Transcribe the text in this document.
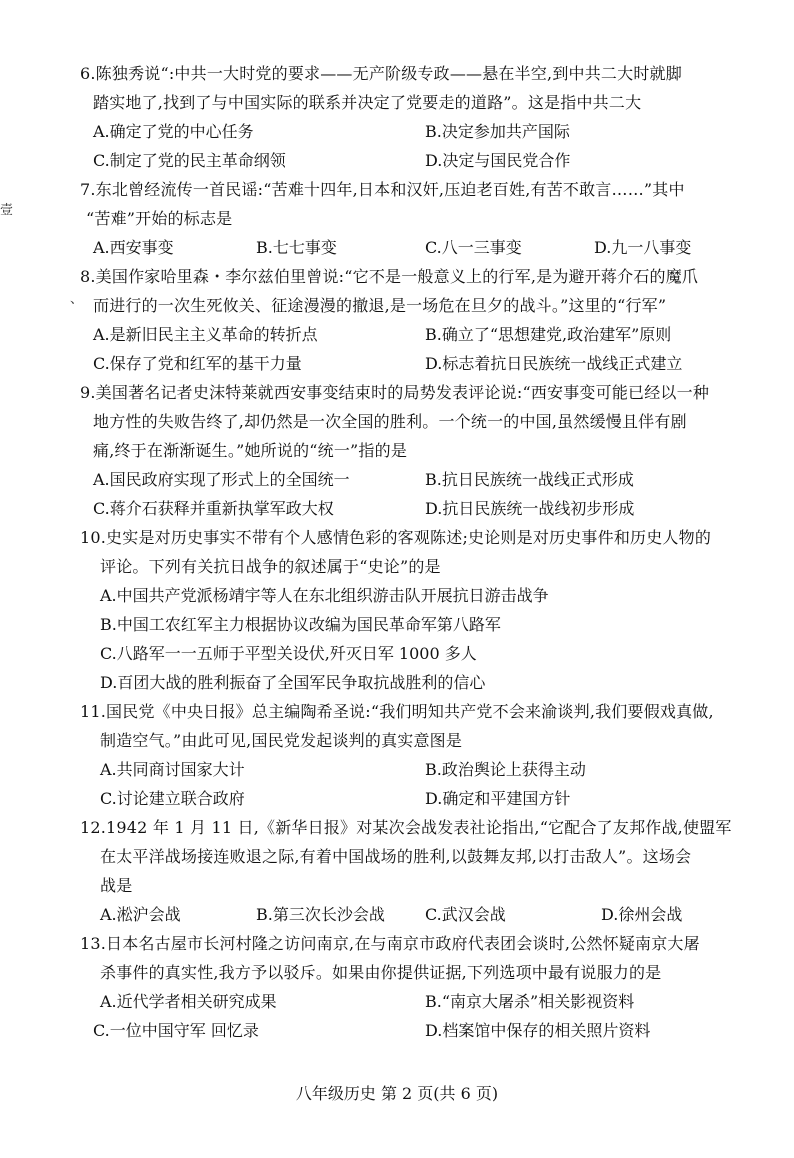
壹
、
6.陈独秀说“:中共一大时党的要求——无产阶级专政——悬在半空,到中共二大时就脚
踏实地了,找到了与中国实际的联系并决定了党要走的道路”。这是指中共二大
A.确定了党的中心任务	B.决定参加共产国际
C.制定了党的民主革命纲领	D.决定与国民党合作
7.东北曾经流传一首民谣:“苦难十四年,日本和汉奸,压迫老百姓,有苦不敢言……”其中
“苦难”开始的标志是
A.西安事变	B.七七事变	C.八一三事变	D.九一八事变
8.美国作家哈里森・李尔兹伯里曾说:“它不是一般意义上的行军,是为避开蒋介石的魔爪
而进行的一次生死攸关、征途漫漫的撤退,是一场危在旦夕的战斗。”这里的“行军”
A.是新旧民主主义革命的转折点	B.确立了“思想建党,政治建军”原则
C.保存了党和红军的基干力量	D.标志着抗日民族统一战线正式建立
9.美国著名记者史沫特莱就西安事变结束时的局势发表评论说:“西安事变可能已经以一种
地方性的失败告终了,却仍然是一次全国的胜利。一个统一的中国,虽然缓慢且伴有剧
痛,终于在渐渐诞生。”她所说的“统一”指的是
A.国民政府实现了形式上的全国统一	B.抗日民族统一战线正式形成
C.蒋介石获释并重新执掌军政大权	D.抗日民族统一战线初步形成
10.史实是对历史事实不带有个人感情色彩的客观陈述;史论则是对历史事件和历史人物的
评论。下列有关抗日战争的叙述属于“史论”的是
A.中国共产党派杨靖宇等人在东北组织游击队开展抗日游击战争
B.中国工农红军主力根据协议改编为国民革命军第八路军
C.八路军一一五师于平型关设伏,歼灭日军 1000 多人
D.百团大战的胜利振奋了全国军民争取抗战胜利的信心
11.国民党《中央日报》总主编陶希圣说:“我们明知共产党不会来渝谈判,我们要假戏真做,
制造空气。”由此可见,国民党发起谈判的真实意图是
A.共同商讨国家大计	B.政治舆论上获得主动
C.讨论建立联合政府	D.确定和平建国方针
12.1942 年 1 月 11 日,《新华日报》对某次会战发表社论指出,“它配合了友邦作战,使盟军
在太平洋战场接连败退之际,有着中国战场的胜利,以鼓舞友邦,以打击敌人”。这场会
战是
A.淞沪会战	B.第三次长沙会战	C.武汉会战	D.徐州会战
13.日本名古屋市长河村隆之访问南京,在与南京市政府代表团会谈时,公然怀疑南京大屠
杀事件的真实性,我方予以驳斥。如果由你提供证据,下列选项中最有说服力的是
A.近代学者相关研究成果	B.“南京大屠杀”相关影视资料
C.一位中国守军 回忆录	D.档案馆中保存的相关照片资料
八年级历史 第 2 页(共 6 页)
